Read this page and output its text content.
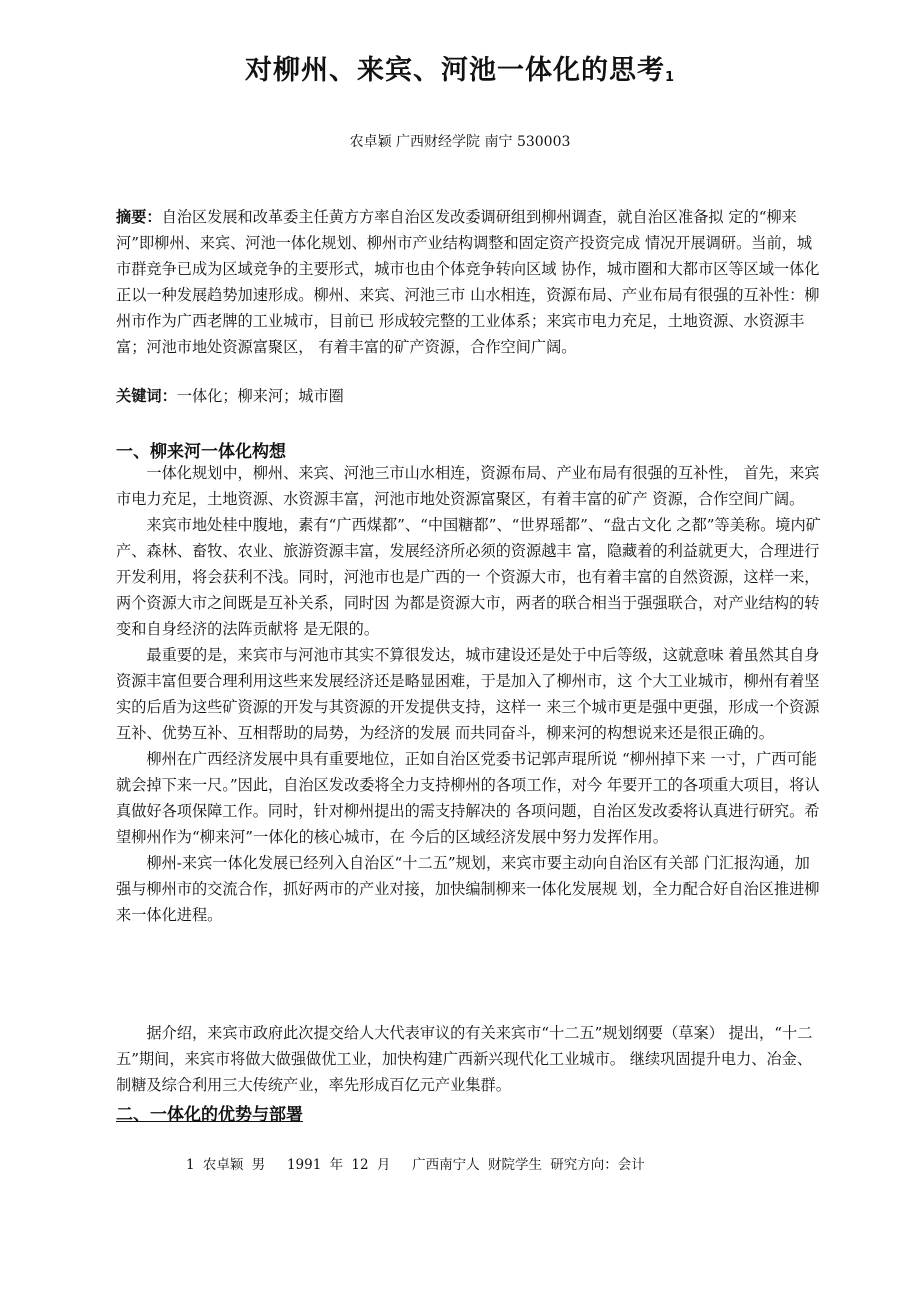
对柳州、来宾、河池一体化的思考$^1$
农卓颖 广西财经学院 南宁 530003
摘要：自治区发展和改革委主任黄方方率自治区发改委调研组到柳州调查，就自治区准备拟 定的“柳来河”即柳州、来宾、河池一体化规划、柳州市产业结构调整和固定资产投资完成 情况开展调研。当前，城市群竞争已成为区域竞争的主要形式，城市也由个体竞争转向区域 协作，城市圈和大都市区等区域一体化正以一种发展趋势加速形成。柳州、来宾、河池三市 山水相连，资源布局、产业布局有很强的互补性：柳州市作为广西老牌的工业城市，目前已 形成较完整的工业体系；来宾市电力充足，土地资源、水资源丰富；河池市地处资源富聚区， 有着丰富的矿产资源，合作空间广阔。
关键词：一体化；柳来河；城市圈
一、柳来河一体化构想

一体化规划中，柳州、来宾、河池三市山水相连，资源布局、产业布局有很强的互补性， 首先，来宾市电力充足，土地资源、水资源丰富，河池市地处资源富聚区，有着丰富的矿产 资源，合作空间广阔。

来宾市地处桂中腹地，素有“广西煤都”、“中国糖都”、“世界瑶都”、“盘古文化 之都”等美称。境内矿产、森林、畜牧、农业、旅游资源丰富，发展经济所必须的资源越丰 富，隐藏着的利益就更大，合理进行开发利用，将会获利不浅。同时，河池市也是广西的一 个资源大市，也有着丰富的自然资源，这样一来，两个资源大市之间既是互补关系，同时因 为都是资源大市，两者的联合相当于强强联合，对产业结构的转变和自身经济的法阵贡献将 是无限的。

最重要的是，来宾市与河池市其实不算很发达，城市建设还是处于中后等级，这就意味 着虽然其自身资源丰富但要合理利用这些来发展经济还是略显困难，于是加入了柳州市，这 个大工业城市，柳州有着坚实的后盾为这些矿资源的开发与其资源的开发提供支持，这样一 来三个城市更是强中更强，形成一个资源互补、优势互补、互相帮助的局势，为经济的发展 而共同奋斗，柳来河的构想说来还是很正确的。

柳州在广西经济发展中具有重要地位，正如自治区党委书记郭声琨所说 “柳州掉下来 一寸，广西可能就会掉下来一尺。”因此，自治区发改委将全力支持柳州的各项工作，对今 年要开工的各项重大项目，将认真做好各项保障工作。同时，针对柳州提出的需支持解决的 各项问题，自治区发改委将认真进行研究。希望柳州作为“柳来河”一体化的核心城市，在 今后的区域经济发展中努力发挥作用。

柳州-来宾一体化发展已经列入自治区“十二五”规划，来宾市要主动向自治区有关部 门汇报沟通，加强与柳州市的交流合作，抓好两市的产业对接，加快编制柳来一体化发展规 划，全力配合好自治区推进柳来一体化进程。

据介绍，来宾市政府此次提交给人大代表审议的有关来宾市“十二五”规划纲要（草案） 提出，“十二五”期间，来宾市将做大做强做优工业，加快构建广西新兴现代化工业城市。 继续巩固提升电力、冶金、制糖及综合利用三大传统产业，率先形成百亿元产业集群。

二、一体化的优势与部署
1 农卓颖 男　 1991 年 12 月　 广西南宁人 财院学生 研究方向：会计
